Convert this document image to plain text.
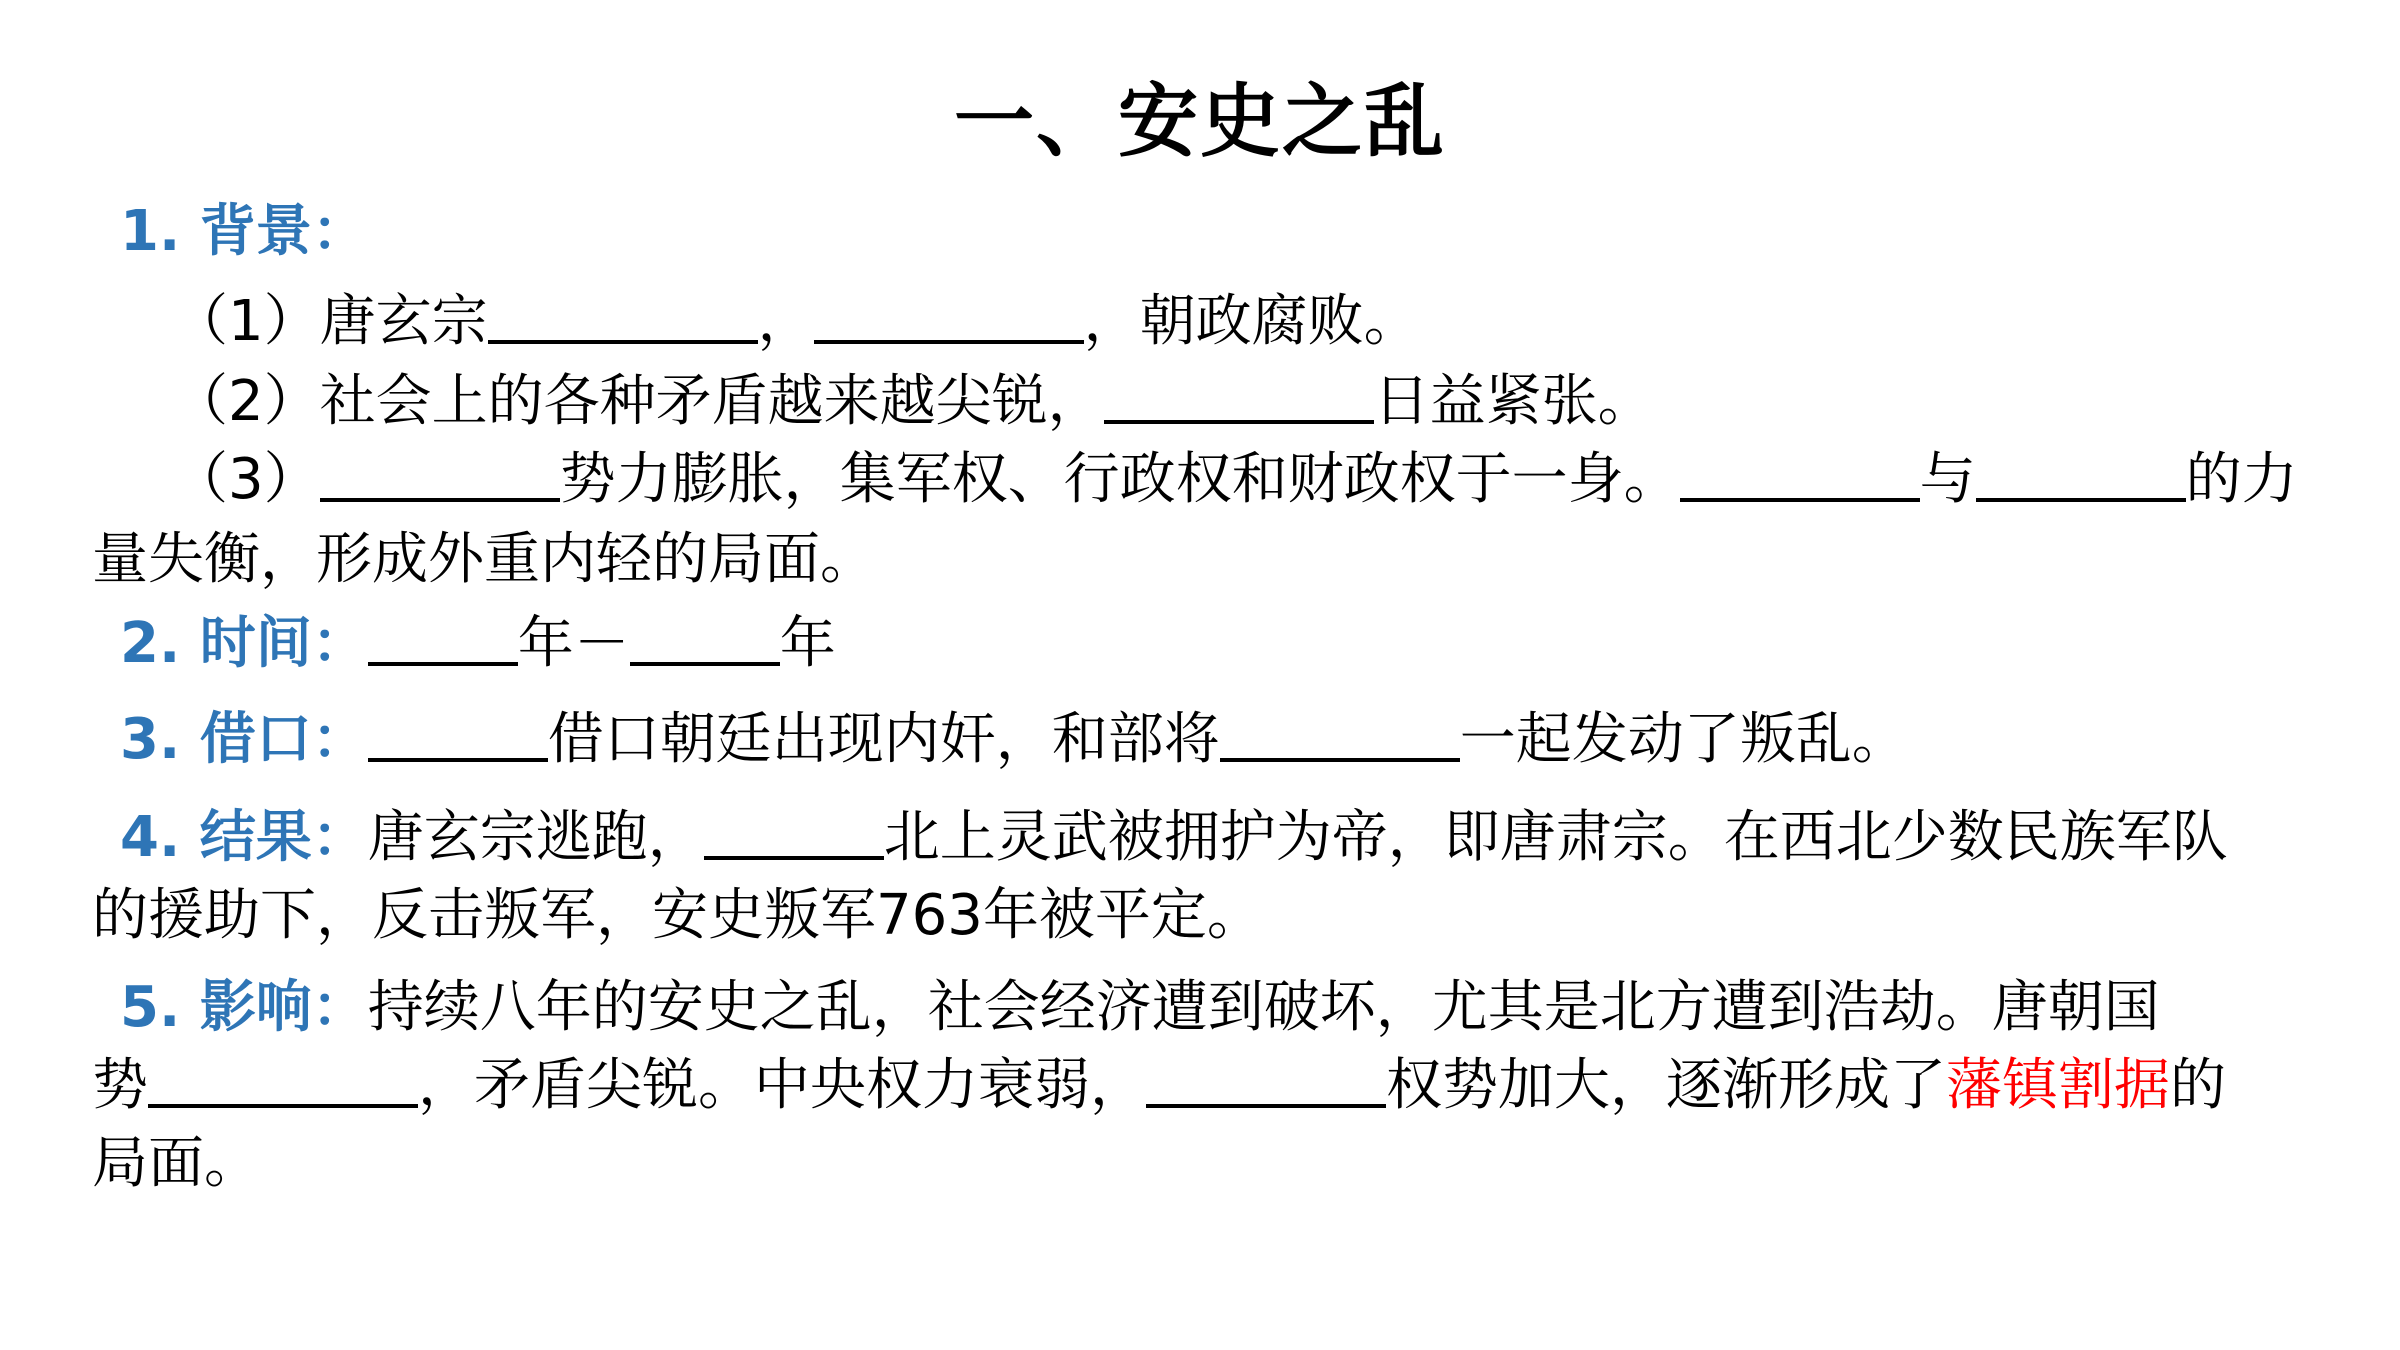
一、安史之乱
1. 背景：
（1）唐玄宗	，	，朝政腐败。
（2）社会上的各种矛盾越来越尖锐，	日益紧张。
（3）	势力膨胀，集军权、行政权和财政权于一身。	与	的力
量失衡，形成外重内轻的局面。
2. 时间：	年－	年
3. 借口：	借口朝廷出现内奸，和部将	一起发动了叛乱。
4. 结果：唐玄宗逃跑，	北上灵武被拥护为帝，即唐肃宗。在西北少数民族军队
的援助下，反击叛军，安史叛军763年被平定。
5. 影响：持续八年的安史之乱，社会经济遭到破坏，尤其是北方遭到浩劫。唐朝国
势	，矛盾尖锐。中央权力衰弱，	权势加大，逐渐形成了藩镇割据的
局面。
